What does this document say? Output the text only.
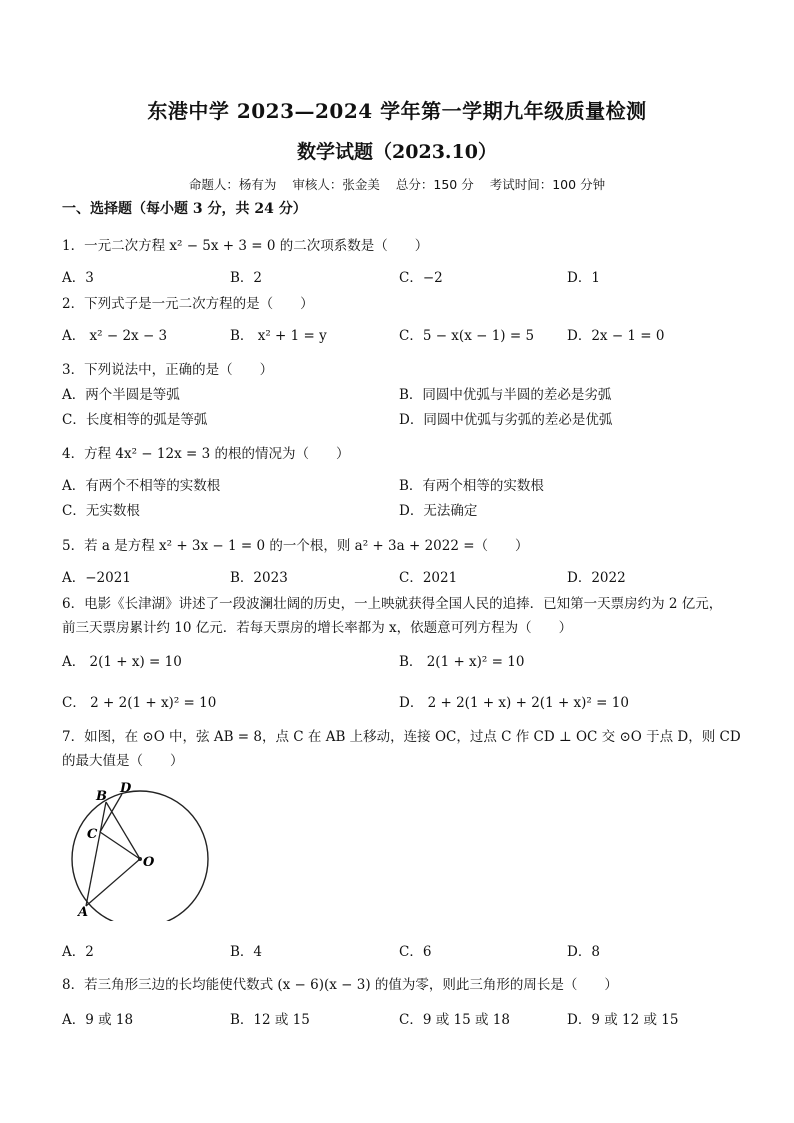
东港中学 2023—2024 学年第一学期九年级质量检测
数学试题（2023.10）
命题人：杨有为 审核人：张金美 总分：150 分 考试时间：100 分钟
一、选择题（每小题 3 分，共 24 分）
1．一元二次方程 x² − 5x + 3 = 0 的二次项系数是（　　）
A．3	B．2	C．−2	D．1
2．下列式子是一元二次方程的是（　　）
A． x² − 2x − 3	B． x² + 1 = y	C．5 − x(x − 1) = 5 D．2x − 1 = 0
3．下列说法中，正确的是（　　）
A．两个半圆是等弧	B．同圆中优弧与半圆的差必是劣弧
C．长度相等的弧是等弧	D．同圆中优弧与劣弧的差必是优弧
4．方程 4x² − 12x = 3 的根的情况为（　　）
A．有两个不相等的实数根	B．有两个相等的实数根
C．无实数根	D．无法确定
5．若 a 是方程 x² + 3x − 1 = 0 的一个根，则 a² + 3a + 2022 =（　　）
A．−2021	B．2023	C．2021	D．2022
6．电影《长津湖》讲述了一段波澜壮阔的历史，一上映就获得全国人民的追捧．已知第一天票房约为 2 亿元，
前三天票房累计约 10 亿元．若每天票房的增长率都为 x，依题意可列方程为（　　）
A． 2(1 + x) = 10	B． 2(1 + x)² = 10
C． 2 + 2(1 + x)² = 10	D． 2 + 2(1 + x) + 2(1 + x)² = 10
7．如图，在 ⊙O 中，弦 AB = 8，点 C 在 AB 上移动，连接 OC，过点 C 作 CD ⊥ OC 交 ⊙O 于点 D，则 CD
的最大值是（　　）
B
D
C
O
A
A．2	B．4	C．6	D．8
8．若三角形三边的长均能使代数式 (x − 6)(x − 3) 的值为零，则此三角形的周长是（　　）
A．9 或 18	B．12 或 15	C．9 或 15 或 18	D．9 或 12 或 15
